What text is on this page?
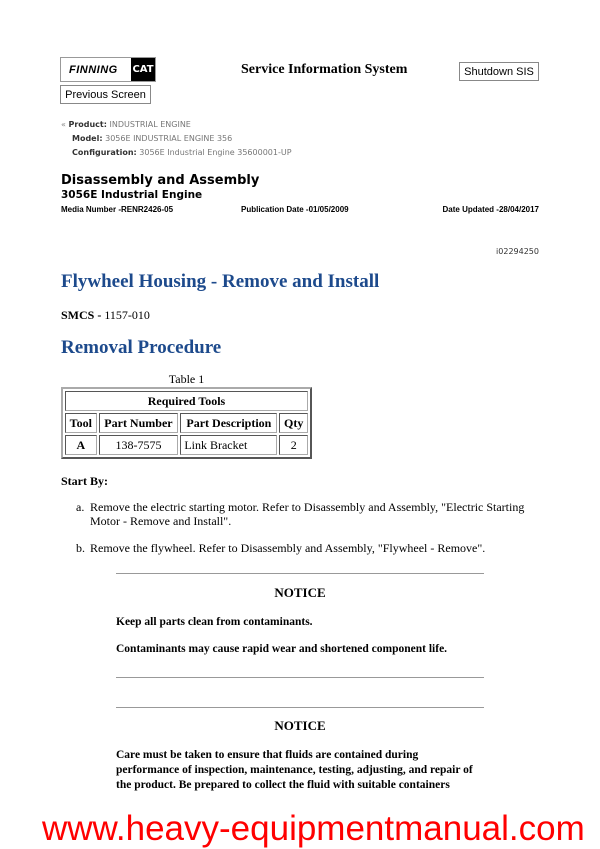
FINNING	CAT	Service Information System	Shutdown SIS
Previous Screen
« Product: INDUSTRIAL ENGINE
Model: 3056E INDUSTRIAL ENGINE 356
Configuration: 3056E Industrial Engine 35600001-UP
Disassembly and Assembly
3056E Industrial Engine
Media Number -RENR2426-05	Publication Date -01/05/2009	Date Updated -28/04/2017
i02294250
Flywheel Housing - Remove and Install
SMCS - 1157-010
Removal Procedure
Table 1
Required Tools			
Tool	Part Number	Part Description	Qty
A	138-7575	Link Bracket	2
Start By:
a. Remove the electric starting motor. Refer to Disassembly and Assembly, "Electric Starting Motor - Remove and Install".
b. Remove the flywheel. Refer to Disassembly and Assembly, "Flywheel - Remove".
NOTICE
Keep all parts clean from contaminants.
Contaminants may cause rapid wear and shortened component life.
NOTICE
Care must be taken to ensure that fluids are contained during performance of inspection, maintenance, testing, adjusting, and repair of the product. Be prepared to collect the fluid with suitable containers
www.heavy-equipmentmanual.com
